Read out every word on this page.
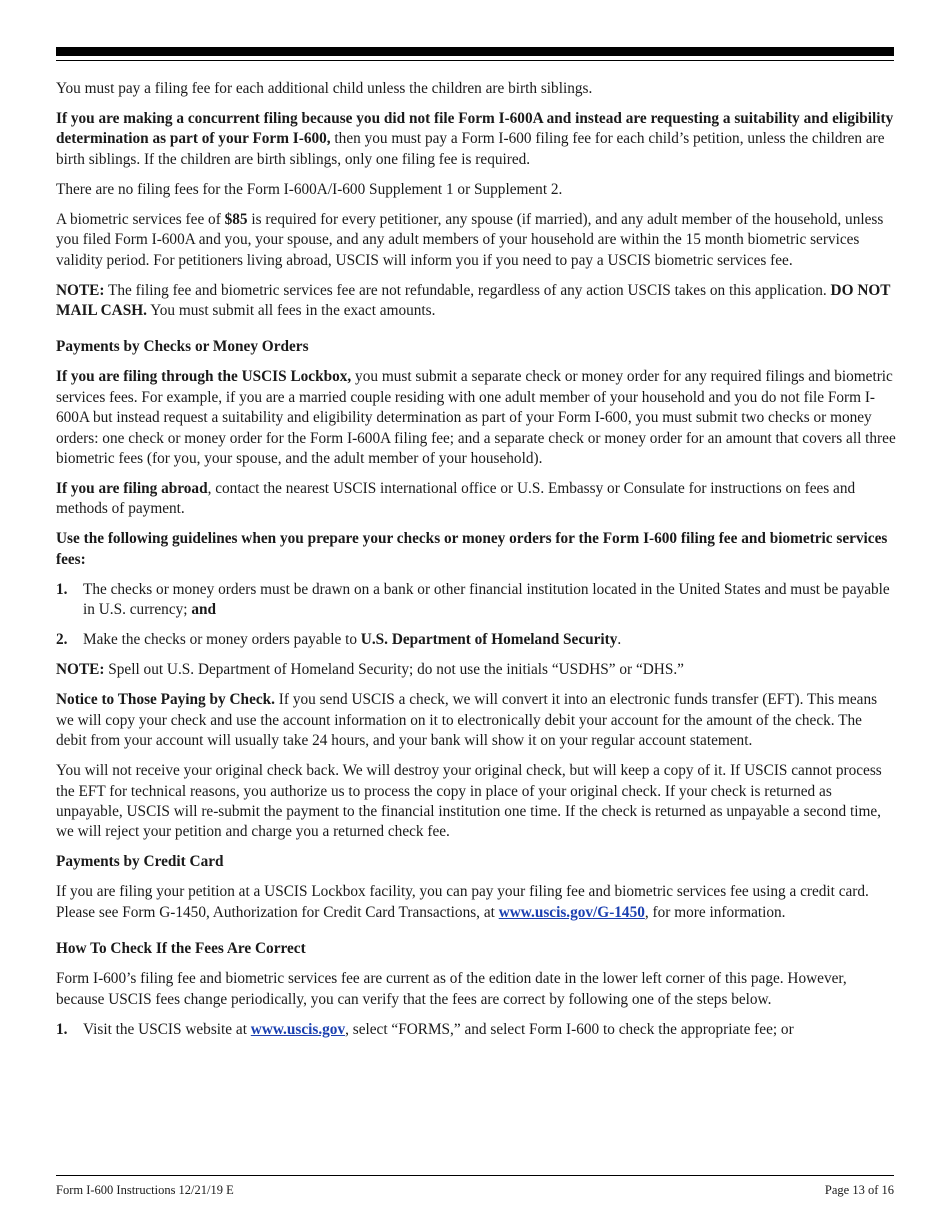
You must pay a filing fee for each additional child unless the children are birth siblings.

If you are making a concurrent filing because you did not file Form I-600A and instead are requesting a suitability and eligibility determination as part of your Form I-600, then you must pay a Form I-600 filing fee for each child’s petition, unless the children are birth siblings. If the children are birth siblings, only one filing fee is required.

There are no filing fees for the Form I-600A/I-600 Supplement 1 or Supplement 2.

A biometric services fee of $85 is required for every petitioner, any spouse (if married), and any adult member of the household, unless you filed Form I-600A and you, your spouse, and any adult members of your household are within the 15 month biometric services validity period. For petitioners living abroad, USCIS will inform you if you need to pay a USCIS biometric services fee.

NOTE: The filing fee and biometric services fee are not refundable, regardless of any action USCIS takes on this application. DO NOT MAIL CASH. You must submit all fees in the exact amounts.

Payments by Checks or Money Orders

If you are filing through the USCIS Lockbox, you must submit a separate check or money order for any required filings and biometric services fees. For example, if you are a married couple residing with one adult member of your household and you do not file Form I-600A but instead request a suitability and eligibility determination as part of your Form I-600, you must submit two checks or money orders: one check or money order for the Form I-600A filing fee; and a separate check or money order for an amount that covers all three biometric fees (for you, your spouse, and the adult member of your household).

If you are filing abroad, contact the nearest USCIS international office or U.S. Embassy or Consulate for instructions on fees and methods of payment.

Use the following guidelines when you prepare your checks or money orders for the Form I-600 filing fee and biometric services fees:

1. The checks or money orders must be drawn on a bank or other financial institution located in the United States and must be payable in U.S. currency; and
2. Make the checks or money orders payable to U.S. Department of Homeland Security.

NOTE: Spell out U.S. Department of Homeland Security; do not use the initials “USDHS” or “DHS.”

Notice to Those Paying by Check. If you send USCIS a check, we will convert it into an electronic funds transfer (EFT). This means we will copy your check and use the account information on it to electronically debit your account for the amount of the check. The debit from your account will usually take 24 hours, and your bank will show it on your regular account statement.

You will not receive your original check back. We will destroy your original check, but will keep a copy of it. If USCIS cannot process the EFT for technical reasons, you authorize us to process the copy in place of your original check. If your check is returned as unpayable, USCIS will re-submit the payment to the financial institution one time. If the check is returned as unpayable a second time, we will reject your petition and charge you a returned check fee.

Payments by Credit Card

If you are filing your petition at a USCIS Lockbox facility, you can pay your filing fee and biometric services fee using a credit card. Please see Form G-1450, Authorization for Credit Card Transactions, at www.uscis.gov/G-1450, for more information.

How To Check If the Fees Are Correct

Form I-600’s filing fee and biometric services fee are current as of the edition date in the lower left corner of this page. However, because USCIS fees change periodically, you can verify that the fees are correct by following one of the steps below.

1. Visit the USCIS website at www.uscis.gov, select “FORMS,” and select Form I-600 to check the appropriate fee; or
Form I-600 Instructions 12/21/19 E	Page 13 of 16
